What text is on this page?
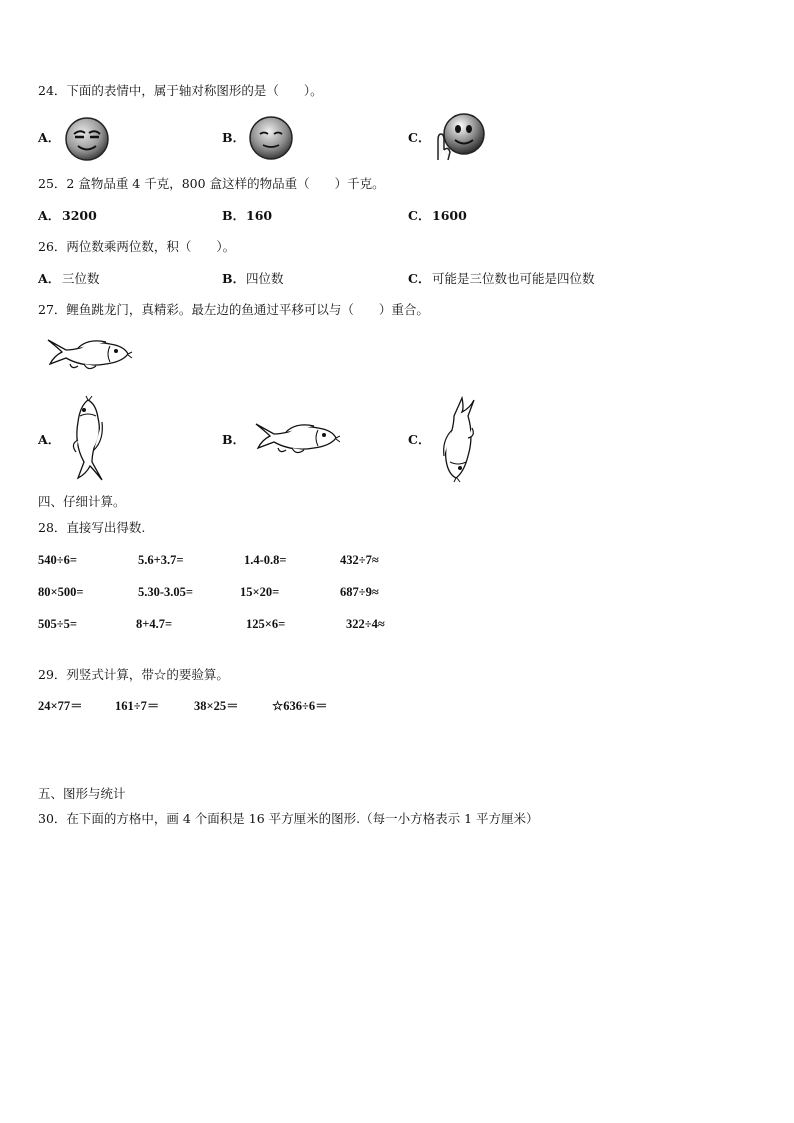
24．下面的表情中，属于轴对称图形的是（　　）。
A．	B．	C．
25．2 盒物品重 4 千克，800 盒这样的物品重（　　）千克。
A． 3200	B． 160	C． 1600
26．两位数乘两位数，积（　　）。
A． 三位数	B． 四位数	C． 可能是三位数也可能是四位数
27．鲤鱼跳龙门，真精彩。最左边的鱼通过平移可以与（　　）重合。
A．	B．	C．
四、仔细计算。
28．直接写出得数.
540÷6=	5.6+3.7=	1.4-0.8=	432÷7≈
80×500=	5.30-3.05=	15×20=	687÷9≈
505÷5=	8+4.7=	125×6=	322÷4≈
29．列竖式计算，带☆的要验算。
24×77＝	161÷7＝	38×25＝	☆636÷6＝
五、图形与统计
30．在下面的方格中，画 4 个面积是 16 平方厘米的图形.（每一小方格表示 1 平方厘米）
